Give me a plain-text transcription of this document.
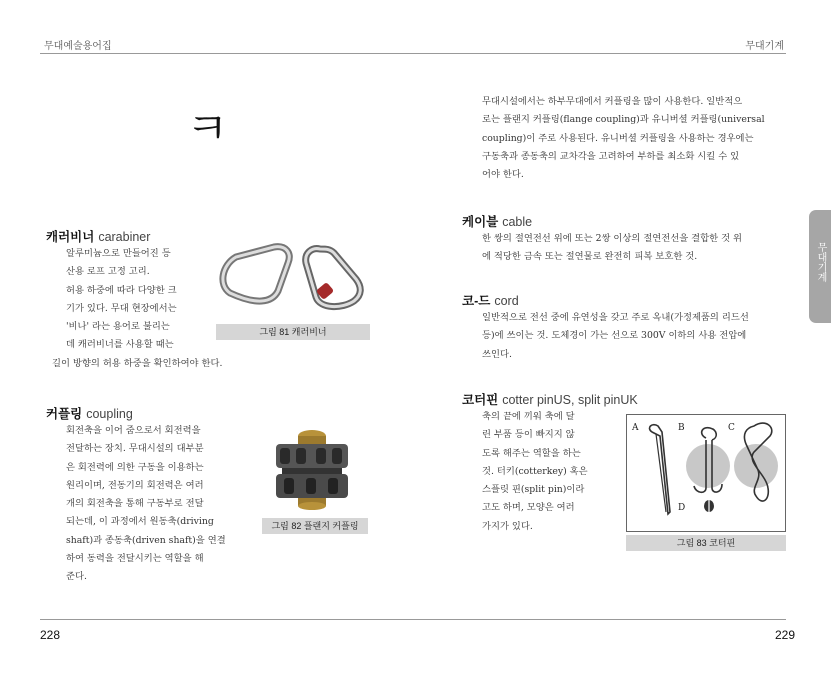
무대예술용어집	무대기계
무대기계
ㅋ
캐러비너 carabiner

알루미늄으로 만들어진 등

산용 로프 고정 고리.

허용 하중에 따라 다양한 크

기가 있다. 무대 현장에서는

'비나' 라는 용어로 불리는

데 캐러비너를 사용할 때는

길이 방향의 허용 하중을 확인하여야 한다.

그림 81 캐러비너
커플링 coupling

회전축을 이어 줌으로서 회전력을

전달하는 장치. 무대시설의 대부분

은 회전력에 의한 구동을 이용하는

원리이며, 전동기의 회전력은 여러

개의 회전축을 통해 구동부로 전달

되는데, 이 과정에서 원동축(driving

shaft)과 종동축(driven shaft)을 연결

하여 동력을 전달시키는 역할을 해

준다.

그림 82 플랜지 커플링

무대시설에서는 하부무대에서 커플링을 많이 사용한다. 일반적으

로는 플랜지 커플링(flange coupling)과 유니버셜 커플링(universal

coupling)이 주로 사용된다. 유니버셜 커플링을 사용하는 경우에는

구동축과 종동축의 교차각을 고려하여 부하를 최소화 시킬 수 있

어야 한다.

케이블 cable

한 쌍의 절연전선 위에 또는 2쌍 이상의 절연전선을 결합한 것 위

에 적당한 금속 또는 절연물로 완전히 피복 보호한 것.

코-드 cord

일반적으로 전선 중에 유연성을 갖고 주로 옥내(가정제품의 리드선

등)에 쓰이는 것. 도체경이 가는 선으로 300V 이하의 사용 전압에

쓰인다.

코터핀 cotter pinUS, split pinUK

축의 끝에 끼워 축에 달

린 부품 등이 빠지지 않

도록 해주는 역할을 하는

것. 터키(cotterkey) 혹은

스플릿 핀(split pin)이라

고도 하며, 모양은 여러

가지가 있다.

A	B	C
D
그림 83 코터핀
228	229
